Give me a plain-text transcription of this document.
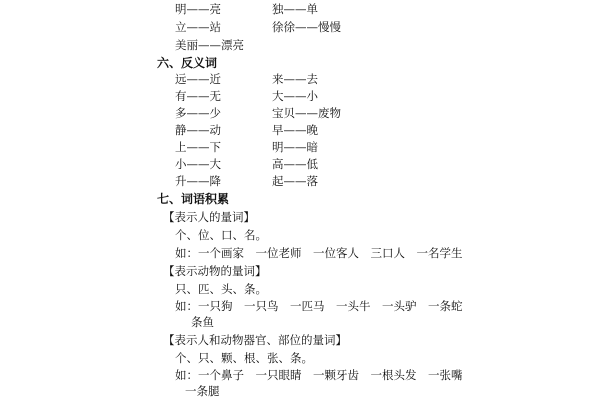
明——亮	独——单
立——站	徐徐——慢慢
美丽——漂亮
六、反义词
远——近	来——去
有——无	大——小
多——少	宝贝——废物
静——动	早——晚
上——下	明——暗
小——大	高——低
升——降	起——落
七、词语积累
【表示人的量词】
个、位、口、名。
如：一个画家　一位老师　一位客人　三口人　一名学生
【表示动物的量词】
只、匹、头、条。
如：一只狗　一只鸟　一匹马　一头牛　一头驴　一条蛇
条鱼
【表示人和动物器官、部位的量词】
个、只、颗、根、张、条。
如：一个鼻子　一只眼睛　一颗牙齿　一根头发　一张嘴
一条腿
